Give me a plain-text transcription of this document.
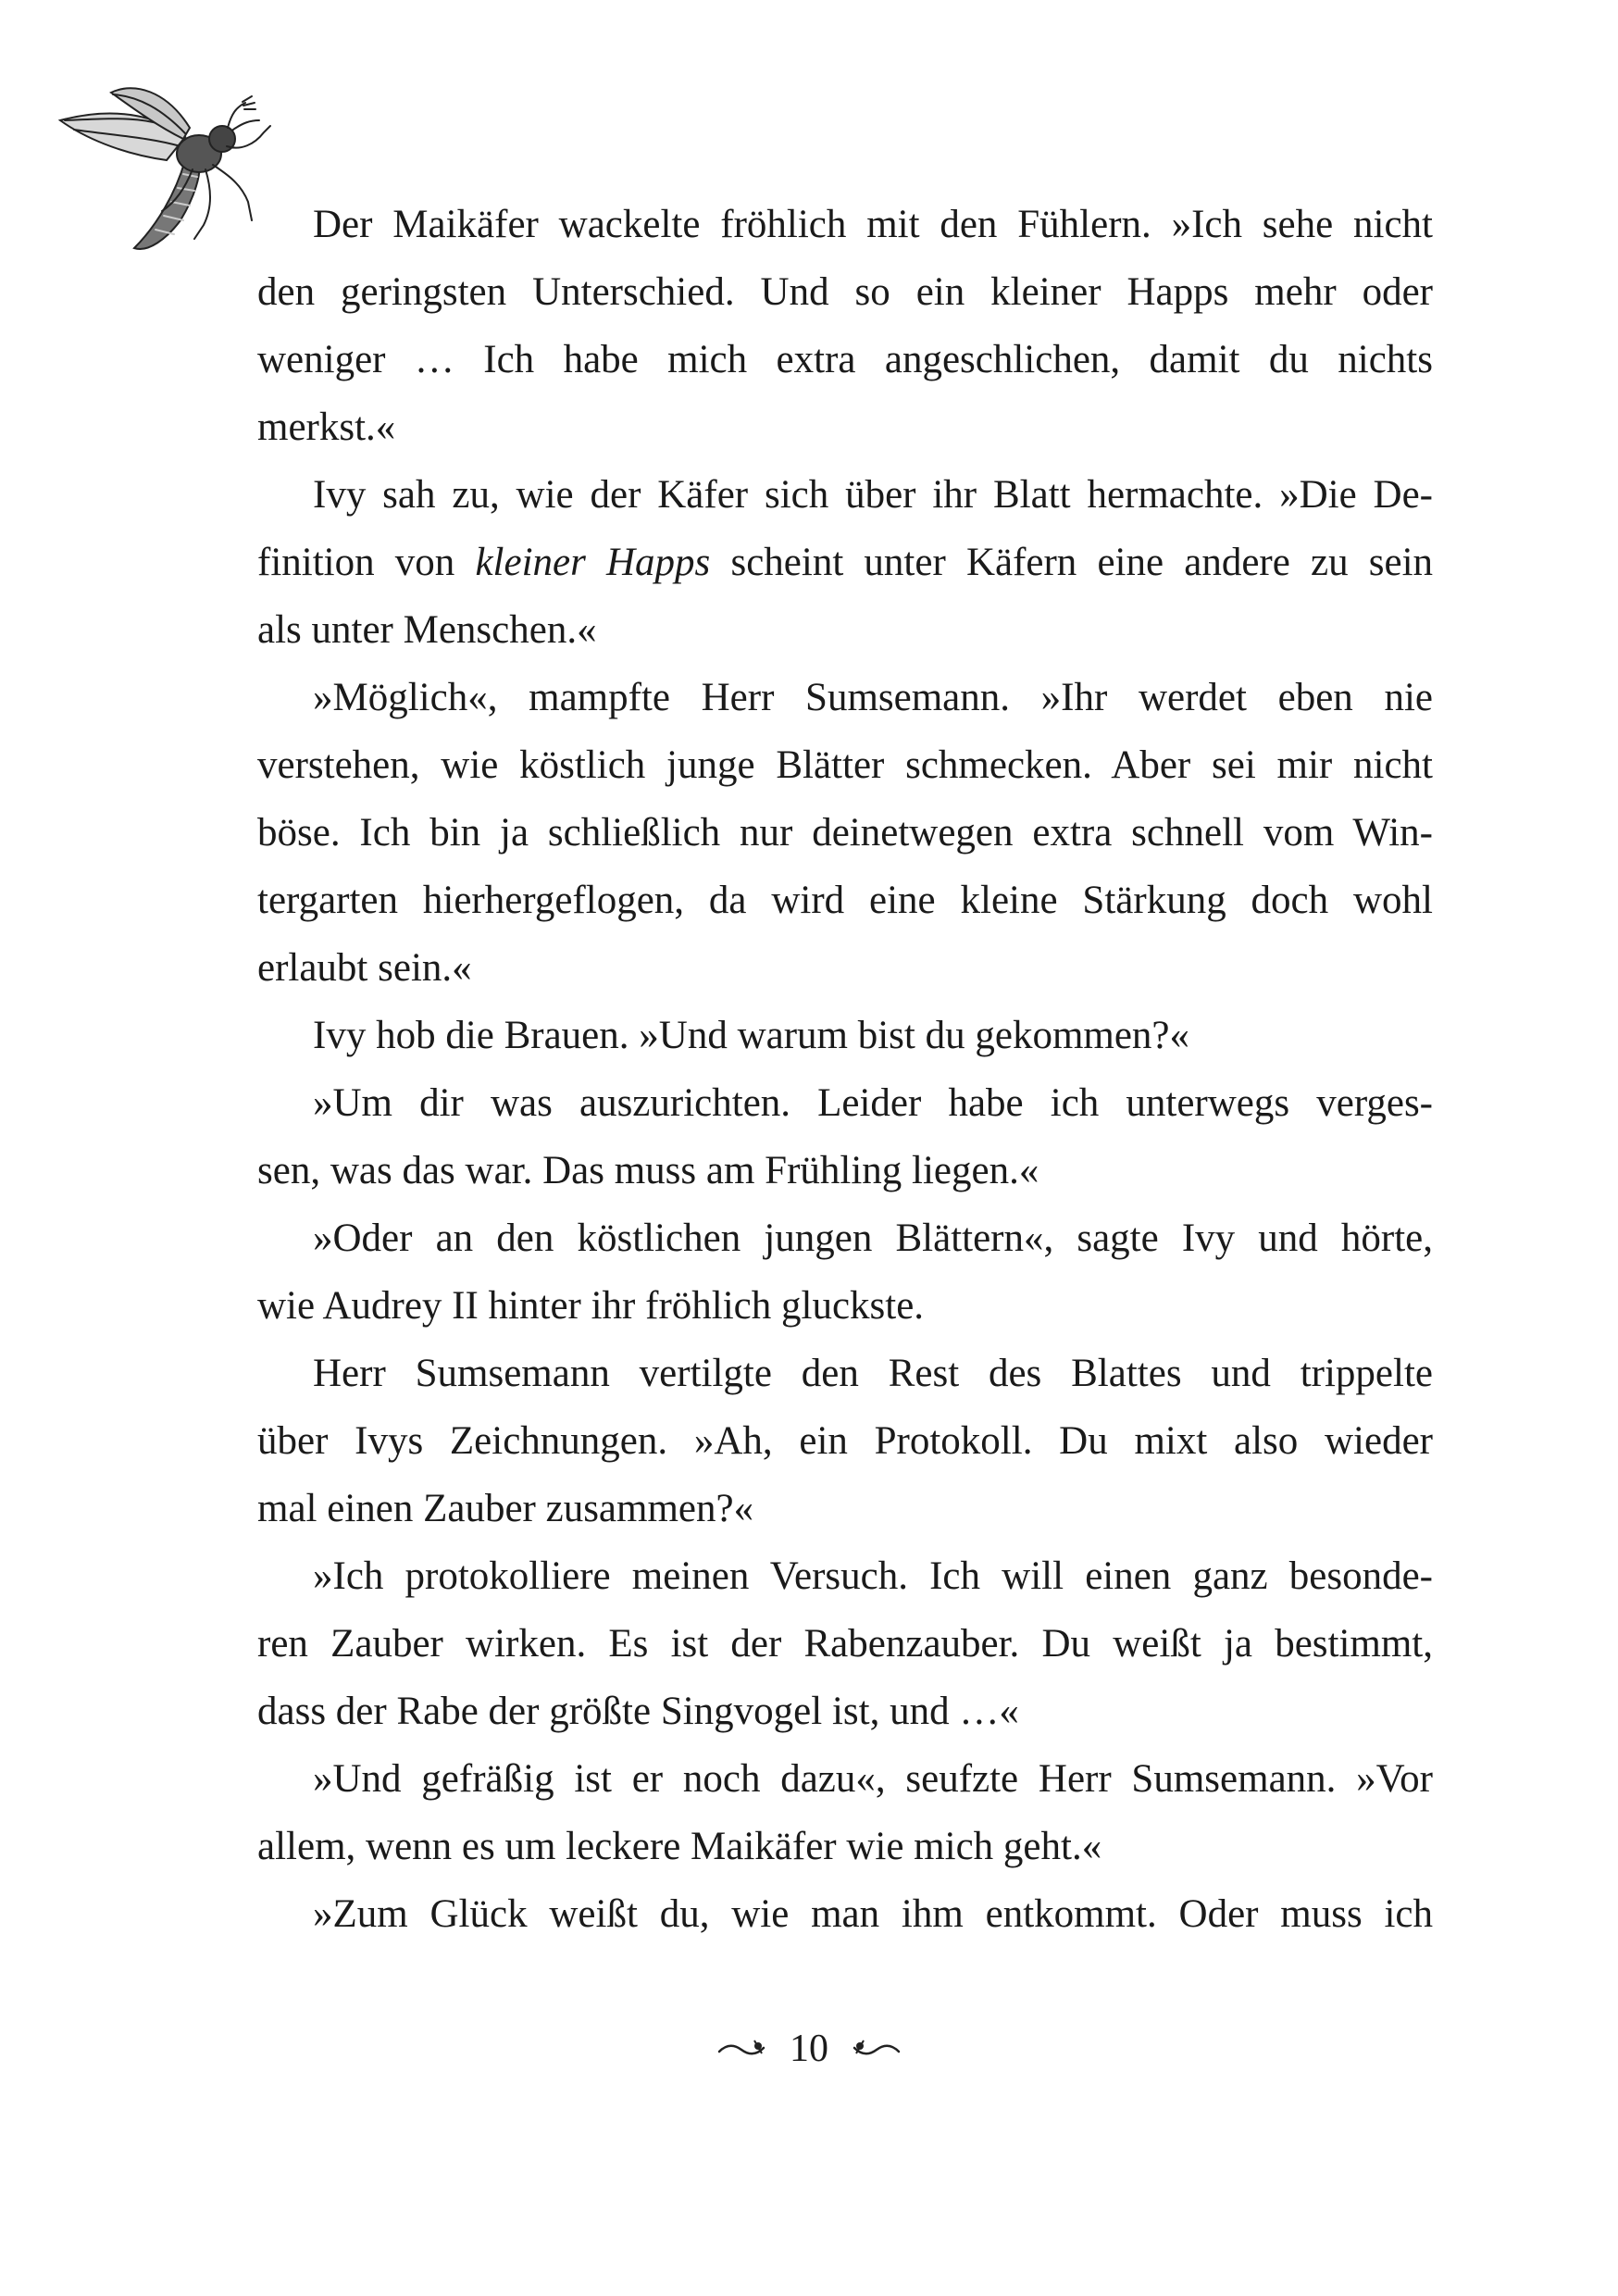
Der Maikäfer wackelte fröhlich mit den Fühlern. »Ich sehe nicht
den geringsten Unterschied. Und so ein kleiner Happs mehr oder
weniger … Ich habe mich extra angeschlichen, damit du nichts
merkst.«
Ivy sah zu, wie der Käfer sich über ihr Blatt hermachte. »Die De-
finition von kleiner Happs scheint unter Käfern eine andere zu sein
als unter Menschen.«
»Möglich«, mampfte Herr Sumsemann. »Ihr werdet eben nie
verstehen, wie köstlich junge Blätter schmecken. Aber sei mir nicht
böse. Ich bin ja schließlich nur deinetwegen extra schnell vom Win-
tergarten hierhergeflogen, da wird eine kleine Stärkung doch wohl
erlaubt sein.«
Ivy hob die Brauen. »Und warum bist du gekommen?«
»Um dir was auszurichten. Leider habe ich unterwegs verges-
sen, was das war. Das muss am Frühling liegen.«
»Oder an den köstlichen jungen Blättern«, sagte Ivy und hörte,
wie Audrey II hinter ihr fröhlich gluckste.
Herr Sumsemann vertilgte den Rest des Blattes und trippelte
über Ivys Zeichnungen. »Ah, ein Protokoll. Du mixt also wieder
mal einen Zauber zusammen?«
»Ich protokolliere meinen Versuch. Ich will einen ganz besonde-
ren Zauber wirken. Es ist der Rabenzauber. Du weißt ja bestimmt,
dass der Rabe der größte Singvogel ist, und …«
»Und gefräßig ist er noch dazu«, seufzte Herr Sumsemann. »Vor
allem, wenn es um leckere Maikäfer wie mich geht.«
»Zum Glück weißt du, wie man ihm entkommt. Oder muss ich
10
